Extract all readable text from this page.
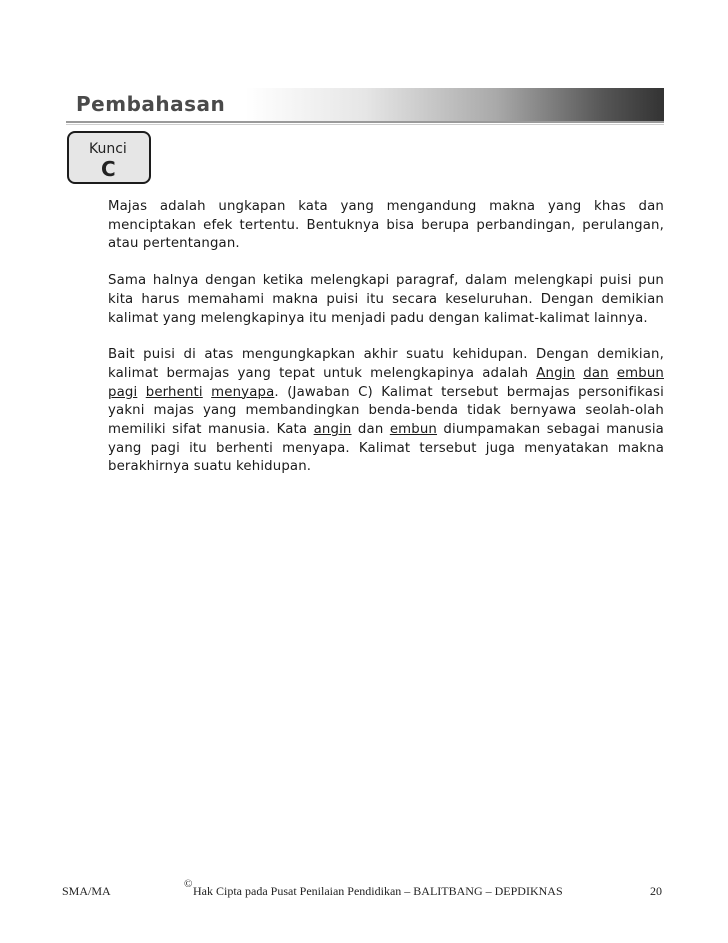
Pembahasan
Kunci
C

Majas adalah ungkapan kata yang mengandung makna yang khas dan menciptakan efek tertentu. Bentuknya bisa berupa perbandingan, perulangan, atau pertentangan.

Sama halnya dengan ketika melengkapi paragraf, dalam melengkapi puisi pun kita harus memahami makna puisi itu secara keseluruhan. Dengan demikian kalimat yang melengkapinya itu menjadi padu dengan kalimat-kalimat lainnya.

Bait puisi di atas mengungkapkan akhir suatu kehidupan. Dengan demikian, kalimat bermajas yang tepat untuk melengkapinya adalah Angin dan embun pagi berhenti menyapa. (Jawaban C) Kalimat tersebut bermajas personifikasi yakni majas yang membandingkan benda-benda tidak bernyawa seolah-olah memiliki sifat manusia. Kata angin dan embun diumpamakan sebagai manusia yang pagi itu berhenti menyapa. Kalimat tersebut juga menyatakan makna berakhirnya suatu kehidupan.

SMA/MA	© Hak Cipta pada Pusat Penilaian Pendidikan – BALITBANG – DEPDIKNAS	20
